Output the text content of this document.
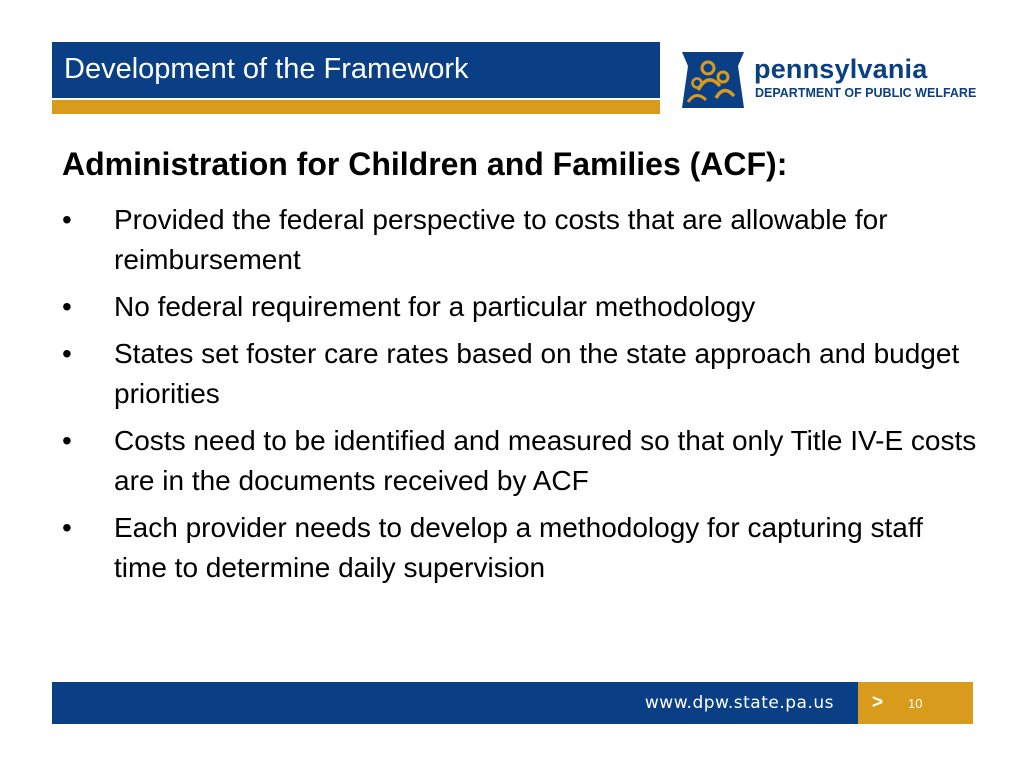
Development of the Framework	pennsylvania
DEPARTMENT OF PUBLIC WELFARE
Administration for Children and Families (ACF):
• Provided the federal perspective to costs that are allowable for reimbursement
• No federal requirement for a particular methodology
• States set foster care rates based on the state approach and budget priorities
• Costs need to be identified and measured so that only Title IV-E costs are in the documents received by ACF
• Each provider needs to develop a methodology for capturing staff time to determine daily supervision
www.dpw.state.pa.us > 10
